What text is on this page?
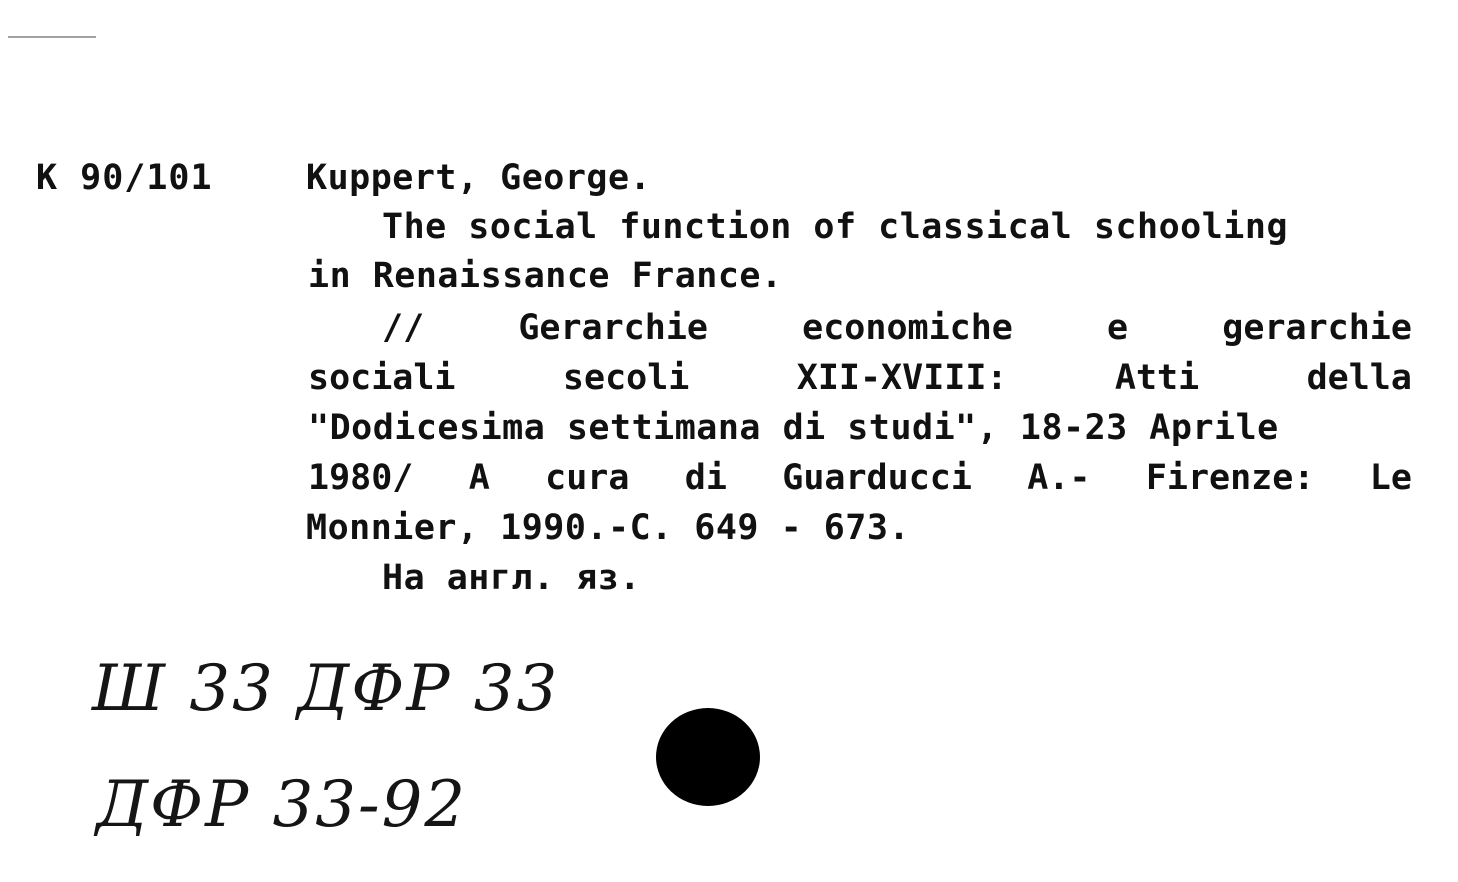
К 90/101	Kuppert, George.
The social function of classical schooling
in Renaissance France.
//	Gerarchie	economiche	e	gerarchie
sociali	secoli	XII-XVIII:	Atti	della
"Dodicesima settimana di studi", 18-23 Aprile
1980/ A cura di Guarducci A.- Firenze: Le
Monnier, 1990.-С. 649 - 673.
На англ. яз.
Ш 33 ДФР 33
ДФР 33-92
